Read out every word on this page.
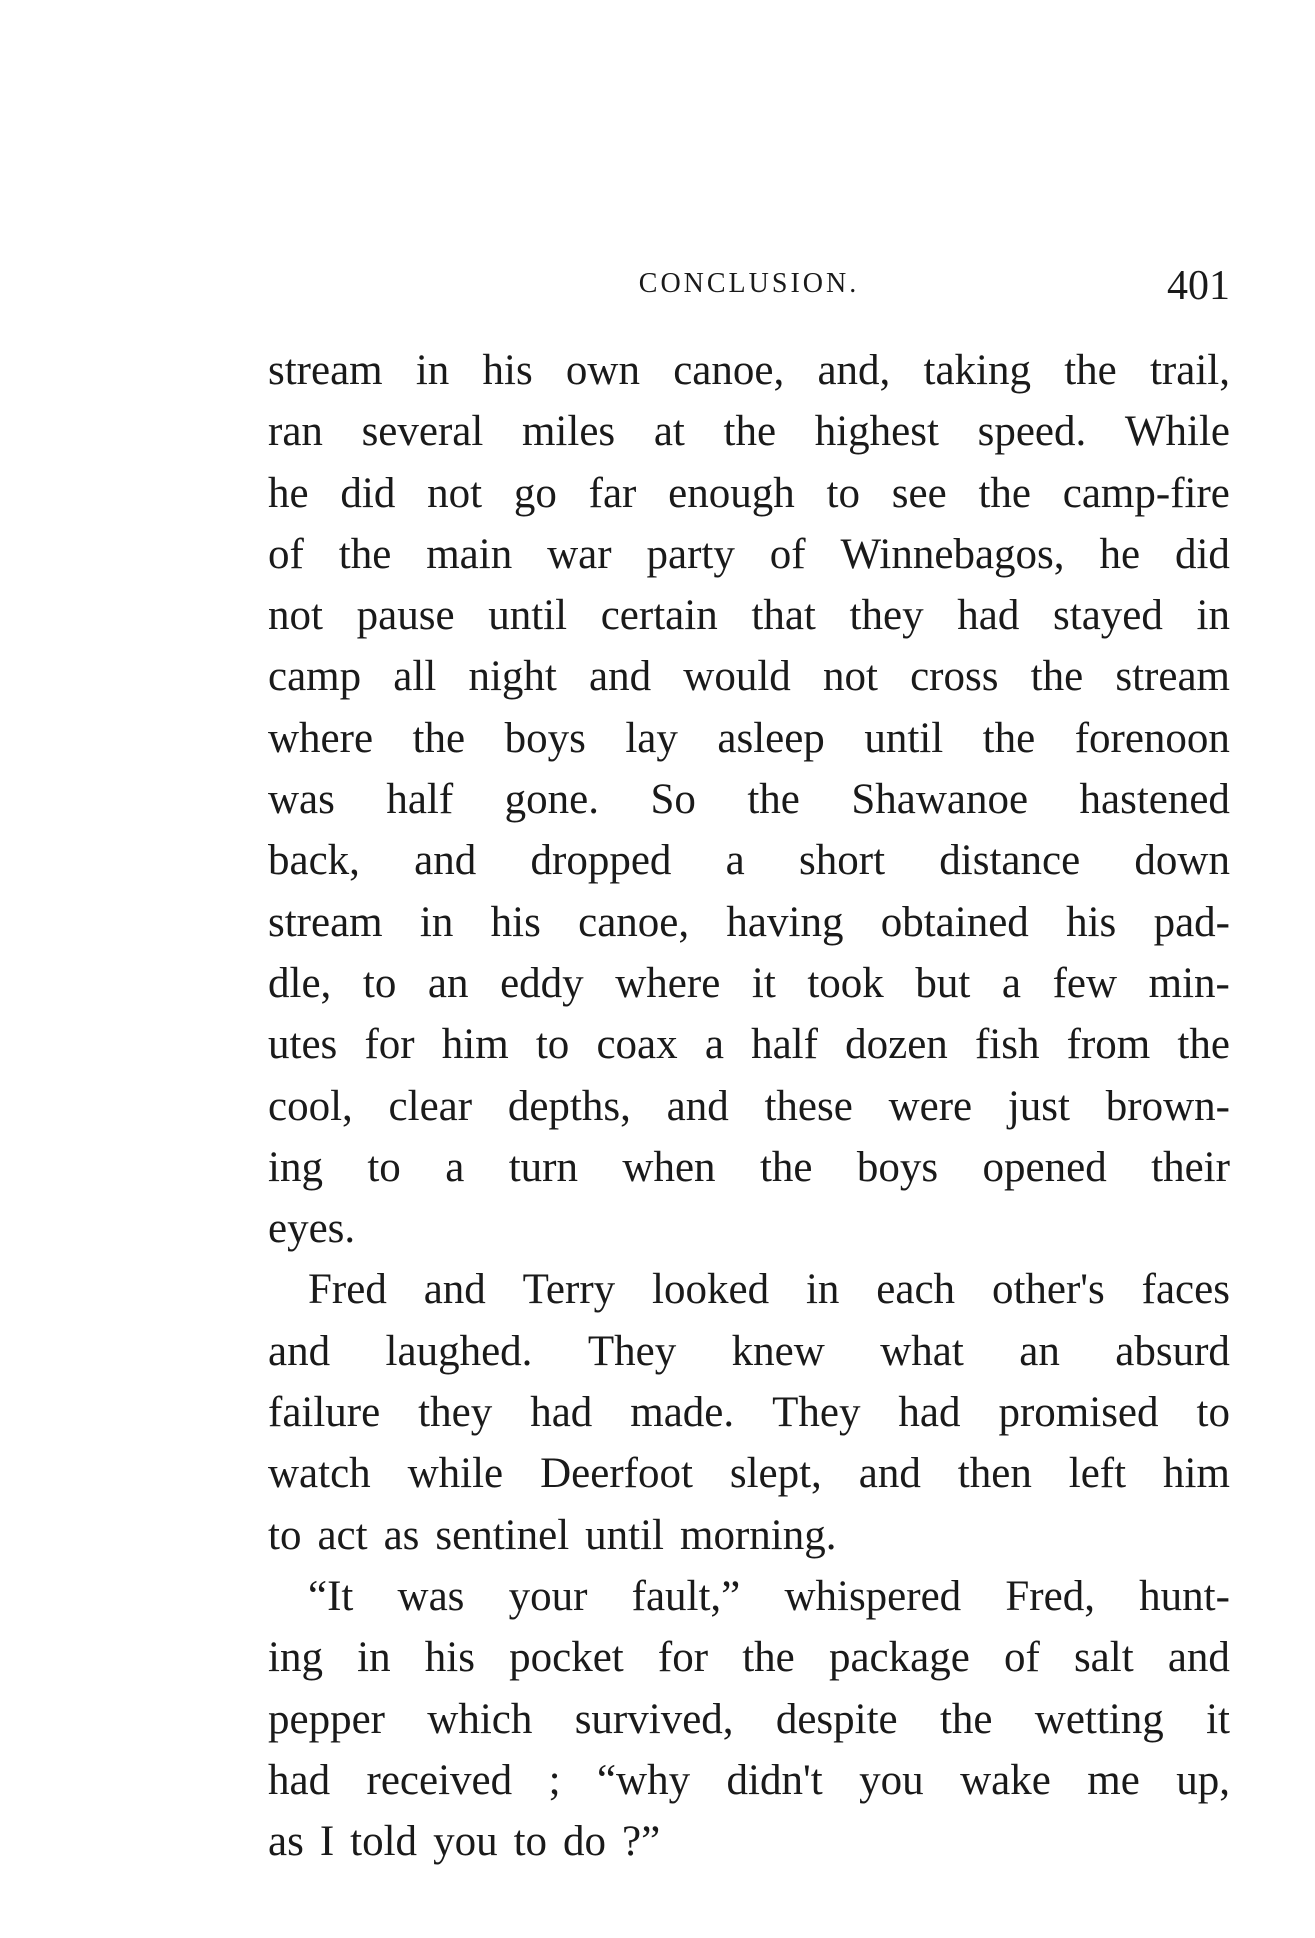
CONCLUSION.	401
stream in his own canoe, and, taking the trail,
ran several miles at the highest speed. While
he did not go far enough to see the camp-fire
of the main war party of Winnebagos, he did
not pause until certain that they had stayed in
camp all night and would not cross the stream
where the boys lay asleep until the forenoon
was half gone. So the Shawanoe hastened
back, and dropped a short distance down
stream in his canoe, having obtained his pad-
dle, to an eddy where it took but a few min-
utes for him to coax a half dozen fish from the
cool, clear depths, and these were just brown-
ing to a turn when the boys opened their
eyes.
Fred and Terry looked in each other's faces
and laughed. They knew what an absurd
failure they had made. They had promised to
watch while Deerfoot slept, and then left him
to act as sentinel until morning.
“It was your fault,” whispered Fred, hunt-
ing in his pocket for the package of salt and
pepper which survived, despite the wetting it
had received ; “why didn't you wake me up,
as I told you to do ?”
